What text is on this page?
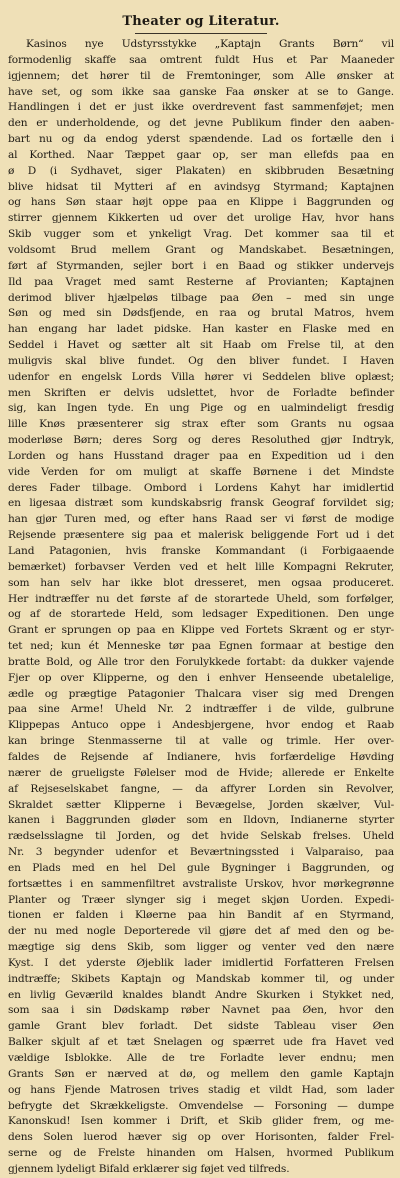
Theater og Literatur.
Kasinos nye Udstyrsstykke „Kaptajn Grants Børn“ vil
formodenlig skaffe saa omtrent fuldt Hus et Par Maaneder
igjennem; det hører til de Fremtoninger, som Alle ønsker at
have set, og som ikke saa ganske Faa ønsker at se to Gange.
Handlingen i det er just ikke overdrevent fast sammenføjet; men
den er underholdende, og det jevne Publikum finder den aaben-
bart nu og da endog yderst spændende. Lad os fortælle den i
al Korthed. Naar Tæppet gaar op, ser man ellefds paa en
ø D (i Sydhavet, siger Plakaten) en skibbruden Besætning
blive hidsat til Mytteri af en avindsyg Styrmand; Kaptajnen
og hans Søn staar højt oppe paa en Klippe i Baggrunden og
stirrer gjennem Kikkerten ud over det urolige Hav, hvor hans
Skib vugger som et ynkeligt Vrag. Det kommer saa til et
voldsomt Brud mellem Grant og Mandskabet. Besætningen,
ført af Styrmanden, sejler bort i en Baad og stikker undervejs
Ild paa Vraget med samt Resterne af Provianten; Kaptajnen
derimod bliver hjælpeløs tilbage paa Øen – med sin unge
Søn og med sin Dødsfjende, en raa og brutal Matros, hvem
han engang har ladet pidske. Han kaster en Flaske med en
Seddel i Havet og sætter alt sit Haab om Frelse til, at den
muligvis skal blive fundet. Og den bliver fundet. I Haven
udenfor en engelsk Lords Villa hører vi Seddelen blive oplæst;
men Skriften er delvis udslettet, hvor de Forladte befinder
sig, kan Ingen tyde. En ung Pige og en ualmindeligt fresdig
lille Knøs præsenterer sig strax efter som Grants nu ogsaa
moderløse Børn; deres Sorg og deres Resoluthed gjør Indtryk,
Lorden og hans Husstand drager paa en Expedition ud i den
vide Verden for om muligt at skaffe Børnene i det Mindste
deres Fader tilbage. Ombord i Lordens Kahyt har imidlertid
en ligesaa distræt som kundskabsrig fransk Geograf forvildet sig;
han gjør Turen med, og efter hans Raad ser vi først de modige
Rejsende præsentere sig paa et malerisk beliggende Fort ud i det
Land Patagonien, hvis franske Kommandant (i Forbigaaende
bemærket) forbavser Verden ved et helt lille Kompagni Rekruter,
som han selv har ikke blot dresseret, men ogsaa produceret.
Her indtræffer nu det første af de storartede Uheld, som forfølger,
og af de storartede Held, som ledsager Expeditionen. Den unge
Grant er sprungen op paa en Klippe ved Fortets Skrænt og er styr-
tet ned; kun ét Menneske tør paa Egnen formaar at bestige den
bratte Bold, og Alle tror den Forulykkede fortabt: da dukker vajende
Fjer op over Klipperne, og den i enhver Henseende ubetalelige,
ædle og prægtige Patagonier Thalcara viser sig med Drengen
paa sine Arme! Uheld Nr. 2 indtræffer i de vilde, gulbrune
Klippepas Antuco oppe i Andesbjergene, hvor endog et Raab
kan bringe Stenmasserne til at valle og trimle. Her over-
faldes de Rejsende af Indianere, hvis forfærdelige Høvding
nærer de grueligste Følelser mod de Hvide; allerede er Enkelte
af Rejseselskabet fangne, — da affyrer Lorden sin Revolver,
Skraldet sætter Klipperne i Bevægelse, Jorden skælver, Vul-
kanen i Baggrunden gløder som en Ildovn, Indianerne styrter
rædselsslagne til Jorden, og det hvide Selskab frelses. Uheld
Nr. 3 begynder udenfor et Beværtningssted i Valparaiso, paa
en Plads med en hel Del gule Bygninger i Baggrunden, og
fortsættes i en sammenfiltret avstraliste Urskov, hvor mørkegrønne
Planter og Træer slynger sig i meget skjøn Uorden. Expedi-
tionen er falden i Kløerne paa hin Bandit af en Styrmand,
der nu med nogle Deporterede vil gjøre det af med den og be-
mægtige sig dens Skib, som ligger og venter ved den nære
Kyst. I det yderste Øjeblik lader imidlertid Forfatteren Frelsen
indtræffe; Skibets Kaptajn og Mandskab kommer til, og under
en livlig Geværild knaldes blandt Andre Skurken i Stykket ned,
som saa i sin Dødskamp røber Navnet paa Øen, hvor den
gamle Grant blev forladt. Det sidste Tableau viser Øen
Balker skjult af et tæt Snelagen og spærret ude fra Havet ved
vældige Isblokke. Alle de tre Forladte lever endnu; men
Grants Søn er nærved at dø, og mellem den gamle Kaptajn
og hans Fjende Matrosen trives stadig et vildt Had, som lader
befrygte det Skrækkeligste. Omvendelse — Forsoning — dumpe
Kanonskud! Isen kommer i Drift, et Skib glider frem, og me-
dens Solen luerod hæver sig op over Horisonten, falder Frel-
serne og de Frelste hinanden om Halsen, hvormed Publikum
gjennem lydeligt Bifald erklærer sig føjet ved tilfreds.
